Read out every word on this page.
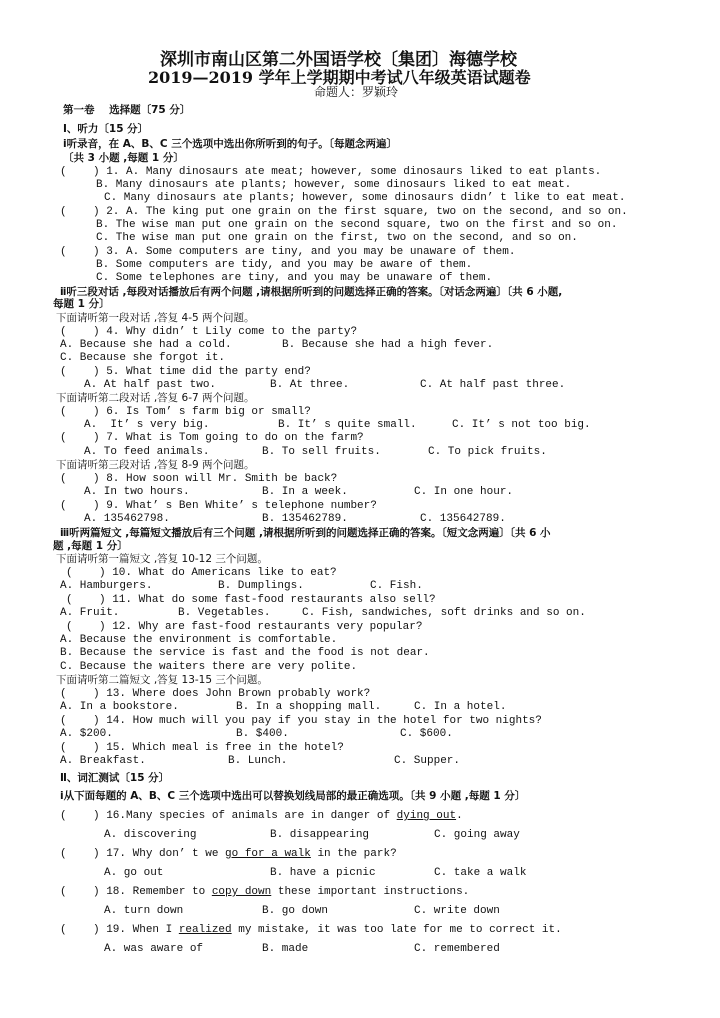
深圳市南山区第二外国语学校〔集团〕海德学校
2019—2019 学年上学期期中考试八年级英语试题卷
命题人：罗颖玲
第一卷    选择题〔75 分〕
Ⅰ、听力〔15 分〕
ⅰ听录音，在 A、B、C 三个选项中选出你所听到的句子。〔每题念两遍〕
〔共 3 小题 ,每题 1 分〕
(    ) 1. A. Many dinosaurs ate meat; however, some dinosaurs liked to eat plants.
B. Many dinosaurs ate plants; however, some dinosaurs liked to eat meat.
C. Many dinosaurs ate plants; however, some dinosaurs didn’ t like to eat meat.
(    ) 2. A. The king put one grain on the first square, two on the second, and so on.
B. The wise man put one grain on the second square, two on the first and so on.
C. The wise man put one grain on the first, two on the second, and so on.
(    ) 3. A. Some computers are tiny, and you may be unaware of them.
B. Some computers are tidy, and you may be aware of them.
C. Some telephones are tiny, and you may be unaware of them.
ⅱ听三段对话 ,每段对话播放后有两个问题 ,请根据所听到的问题选择正确的答案。〔对话念两遍〕〔共 6 小题,
每题 1 分〕
下面请听第一段对话 ,答复 4-5 两个问题。
(    ) 4. Why didn’ t Lily come to the party?
A. Because she had a cold.	B. Because she had a high fever.
C. Because she forgot it.
(    ) 5. What time did the party end?
A. At half past two.	B. At three.	C. At half past three.
下面请听第二段对话 ,答复 6-7 两个问题。
(    ) 6. Is Tom’ s farm big or small?
A.  It’ s very big.	B. It’ s quite small.	C. It’ s not too big.
(    ) 7. What is Tom going to do on the farm?
A. To feed animals.	B. To sell fruits.	C. To pick fruits.
下面请听第三段对话 ,答复 8-9 两个问题。
(    ) 8. How soon will Mr. Smith be back?
A. In two hours.	B. In a week.	C. In one hour.
(    ) 9. What’ s Ben White’ s telephone number?
A. 135462798.	B. 135462789.	C. 135642789.
ⅲ听两篇短文 ,每篇短文播放后有三个问题 ,请根据所听到的问题选择正确的答案。〔短文念两遍〕〔共 6 小
题 ,每题 1 分〕
下面请听第一篇短文 ,答复 10-12 三个问题。
(    ) 10. What do Americans like to eat?
A. Hamburgers.	B. Dumplings.	C. Fish.
(    ) 11. What do some fast-food restaurants also sell?
A. Fruit.	B. Vegetables.	C. Fish, sandwiches, soft drinks and so on.
(    ) 12. Why are fast-food restaurants very popular?
A. Because the environment is comfortable.
B. Because the service is fast and the food is not dear.
C. Because the waiters there are very polite.
下面请听第二篇短文 ,答复 13-15 三个问题。
(    ) 13. Where does John Brown probably work?
A. In a bookstore.	B. In a shopping mall.	C. In a hotel.
(    ) 14. How much will you pay if you stay in the hotel for two nights?
A. $200.	B. $400.	C. $600.
(    ) 15. Which meal is free in the hotel?
A. Breakfast.	B. Lunch.	C. Supper.
Ⅱ、词汇测试〔15 分〕
ⅰ从下面每题的 A、B、C 三个选项中选出可以替换划线局部的最正确选项。〔共 9 小题 ,每题 1 分〕
(    ) 16.Many species of animals are in danger of dying out.
A. discovering	B. disappearing	C. going away
(    ) 17. Why don’ t we go for a walk in the park?
A. go out	B. have a picnic	C. take a walk
(    ) 18. Remember to copy down these important instructions.
A. turn down	B. go down	C. write down
(    ) 19. When I realized my mistake, it was too late for me to correct it.
A. was aware of	B. made	C. remembered
